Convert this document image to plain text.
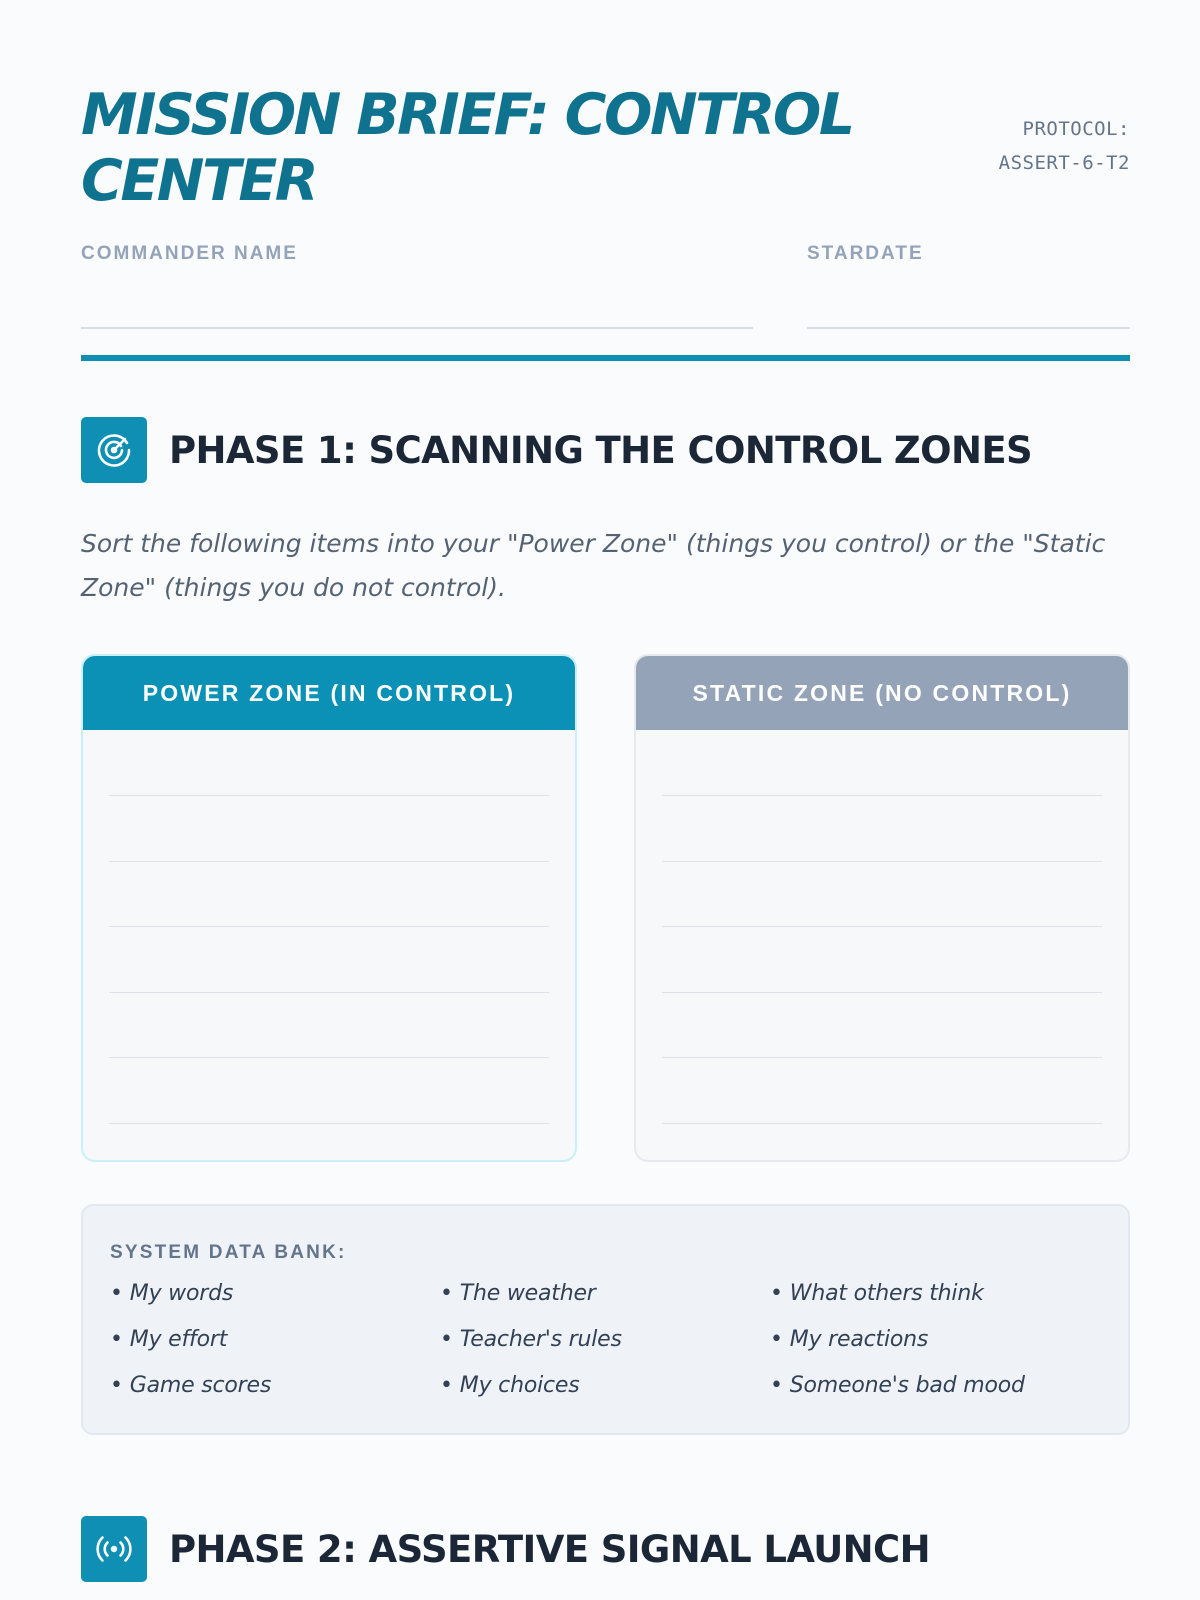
MISSION BRIEF: CONTROL CENTER
PROTOCOL:
ASSERT-6-T2
COMMANDER NAME	STARDATE
PHASE 1: SCANNING THE CONTROL ZONES

Sort the following items into your "Power Zone" (things you control) or the "Static Zone" (things you do not control).

POWER ZONE (IN CONTROL)	STATIC ZONE (NO CONTROL)
SYSTEM DATA BANK:
• My words	• The weather	• What others think
• My effort	• Teacher's rules	• My reactions
• Game scores	• My choices	• Someone's bad mood
PHASE 2: ASSERTIVE SIGNAL LAUNCH
